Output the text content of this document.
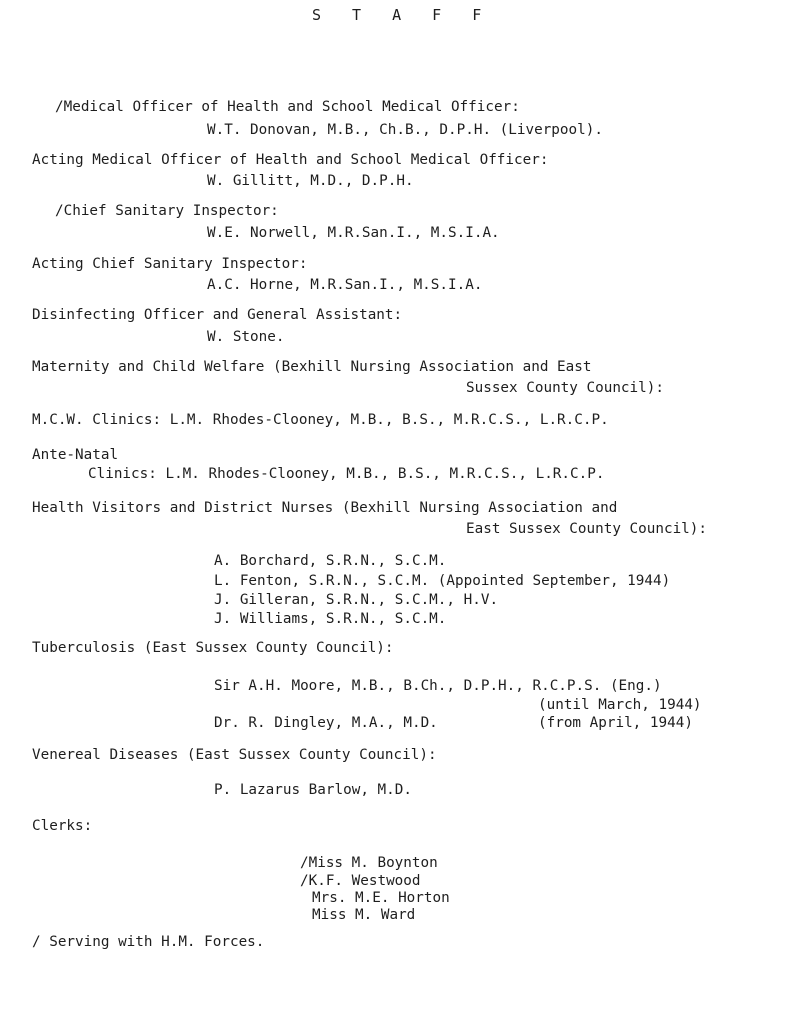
S T A F F
/Medical Officer of Health and School Medical Officer:
W.T. Donovan, M.B., Ch.B., D.P.H. (Liverpool).
Acting Medical Officer of Health and School Medical Officer:
W. Gillitt, M.D., D.P.H.
/Chief Sanitary Inspector:
W.E. Norwell, M.R.San.I., M.S.I.A.
Acting Chief Sanitary Inspector:
A.C. Horne, M.R.San.I., M.S.I.A.
Disinfecting Officer and General Assistant:
W. Stone.
Maternity and Child Welfare (Bexhill Nursing Association and East
Sussex County Council):
M.C.W. Clinics: L.M. Rhodes-Clooney, M.B., B.S., M.R.C.S., L.R.C.P.
Ante-Natal
Clinics: L.M. Rhodes-Clooney, M.B., B.S., M.R.C.S., L.R.C.P.
Health Visitors and District Nurses (Bexhill Nursing Association and
East Sussex County Council):
A. Borchard, S.R.N., S.C.M.
L. Fenton, S.R.N., S.C.M. (Appointed September, 1944)
J. Gilleran, S.R.N., S.C.M., H.V.
J. Williams, S.R.N., S.C.M.
Tuberculosis (East Sussex County Council):
Sir A.H. Moore, M.B., B.Ch., D.P.H., R.C.P.S. (Eng.)
(until March, 1944)
Dr. R. Dingley, M.A., M.D.	(from April, 1944)
Venereal Diseases (East Sussex County Council):
P. Lazarus Barlow, M.D.
Clerks:
/Miss M. Boynton
/K.F. Westwood
Mrs. M.E. Horton
Miss M. Ward
/ Serving with H.M. Forces.
